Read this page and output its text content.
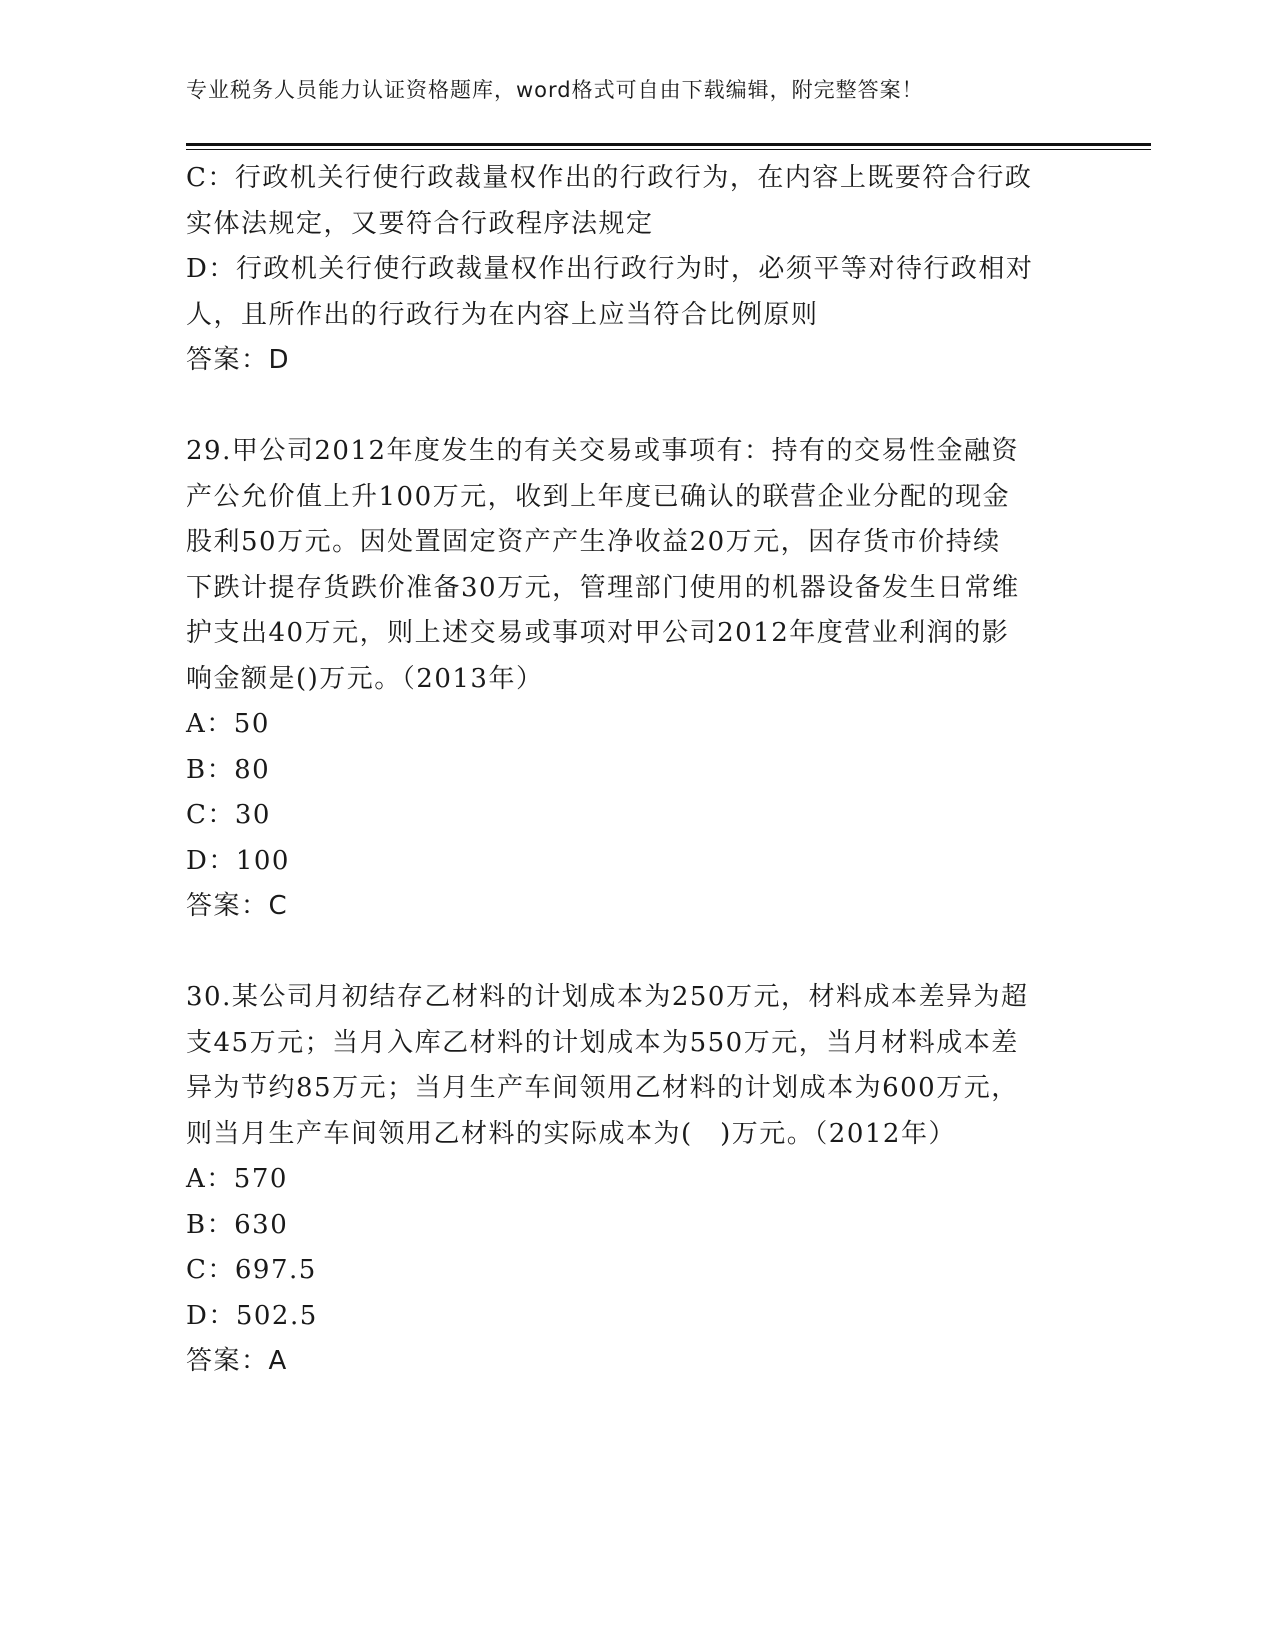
专业税务人员能力认证资格题库，word格式可自由下载编辑，附完整答案！
C：行政机关行使行政裁量权作出的行政行为，在内容上既要符合行政
实体法规定，又要符合行政程序法规定
D：行政机关行使行政裁量权作出行政行为时，必须平等对待行政相对
人，且所作出的行政行为在内容上应当符合比例原则
答案：D
29.甲公司2012年度发生的有关交易或事项有：持有的交易性金融资
产公允价值上升100万元，收到上年度已确认的联营企业分配的现金
股利50万元。因处置固定资产产生净收益20万元，因存货市价持续
下跌计提存货跌价准备30万元，管理部门使用的机器设备发生日常维
护支出40万元，则上述交易或事项对甲公司2012年度营业利润的影
响金额是()万元。（2013年）
A：50
B：80
C：30
D：100
答案：C
30.某公司月初结存乙材料的计划成本为250万元，材料成本差异为超
支45万元；当月入库乙材料的计划成本为550万元，当月材料成本差
异为节约85万元；当月生产车间领用乙材料的计划成本为600万元，
则当月生产车间领用乙材料的实际成本为(　)万元。（2012年）
A：570
B：630
C：697.5
D：502.5
答案：A
